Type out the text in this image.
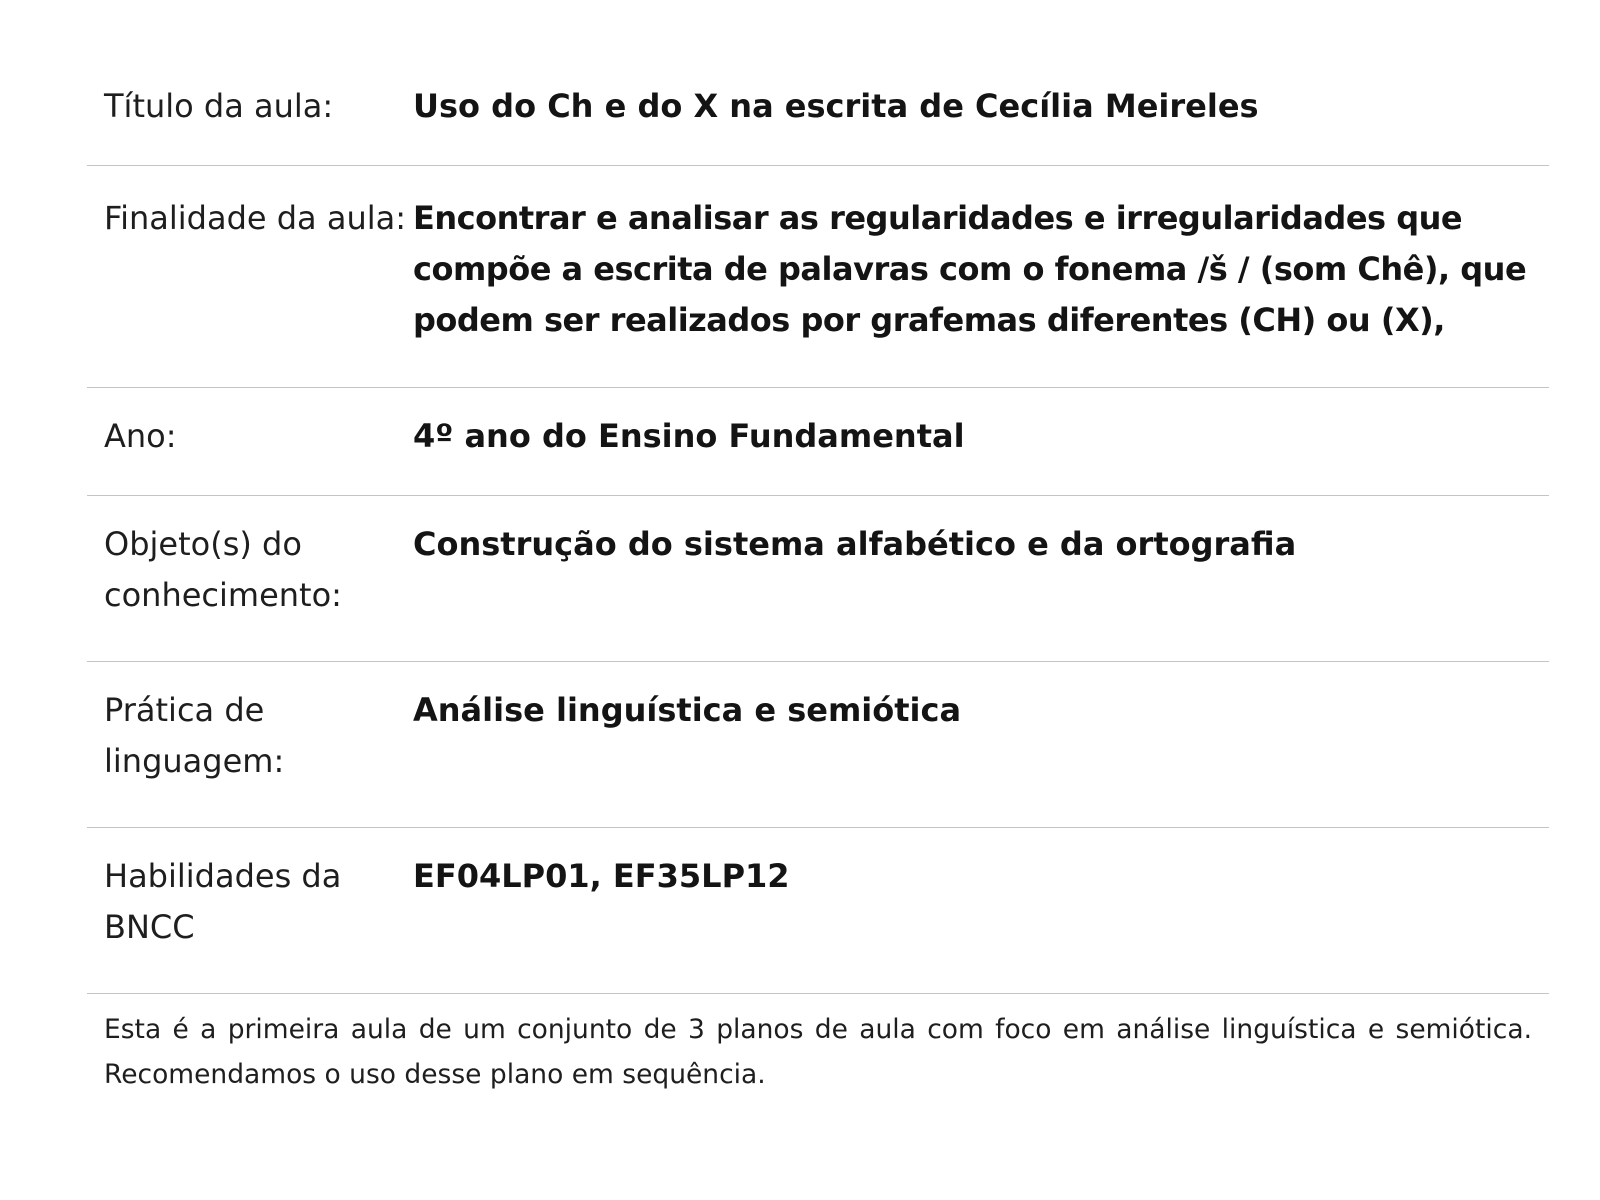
Título da aula:	Uso do Ch e do X na escrita de Cecília Meireles
Finalidade da aula: Encontrar e analisar as regularidades e irregularidades que compõe a escrita de palavras com o fonema /š / (som Chê), que podem ser realizados por grafemas diferentes (CH) ou (X),
Ano:	4º ano do Ensino Fundamental
Objeto(s) do conhecimento:
Construção do sistema alfabético e da ortografia
Prática de linguagem:
Análise linguística e semiótica
Habilidades da BNCC
EF04LP01, EF35LP12
Esta é a primeira aula de um conjunto de 3 planos de aula com foco em análise linguística e semiótica. Recomendamos o uso desse plano em sequência.
